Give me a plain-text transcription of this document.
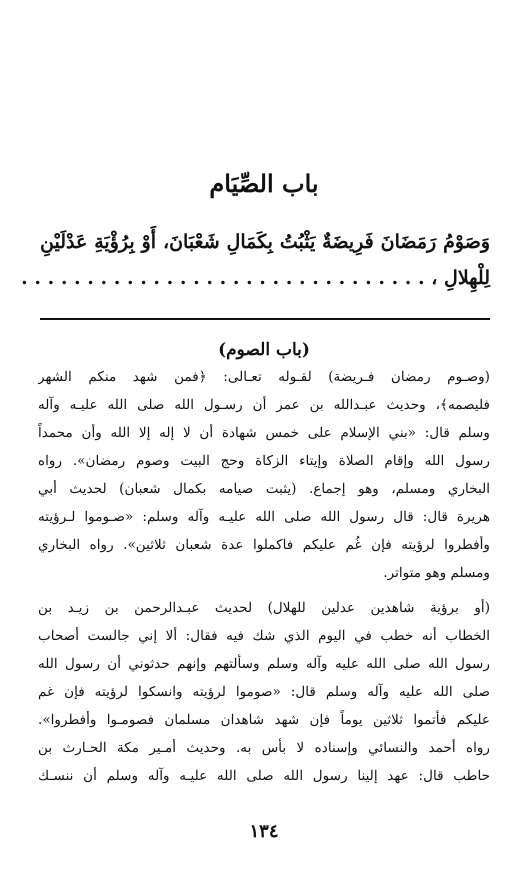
باب الصِّيَام
وَصَوْمُ رَمَضَانَ فَرِيضَةٌ يَثْبُتُ بِكَمَالِ شَعْبَانَ، أَوْ بِرُؤْيَةِ عَدْلَيْنِ
لِلْهِلالِ ، . . . . . . . . . . . . . . . . . . . . . . . . . . . . . . .
(باب الصوم)
(وصـوم رمضان فـريضة) لقـوله تعـالى: ﴿فمن شهد منكم الشهر
فليصمه﴾، وحديث عبـدالله بن عمر أن رسـول الله صلى الله عليـه وآله
وسلم قال: «بني الإسلام على خمس شهادة أن لا إله إلا الله وأن محمداً
رسول الله وإقام الصلاة وإيتاء الزكاة وحج البيت وصوم رمضان». رواه
البخاري ومسلم، وهو إجماع. (يثبت صيامه بكمال شعبان) لحديث أبي
هريرة قال: قال رسول الله صلى الله عليـه وآله وسلم: «صـوموا لـرؤيته
وأفطروا لرؤيته فإن غُم عليكم فاكملوا عدة شعبان ثلاثين». رواه البخاري
ومسلم وهو متواتر.
(أو برؤية شاهدين عدلين للهلال) لحديث عبـدالرحمن بن زيـد بن
الخطاب أنه خطب في اليوم الذي شك فيه فقال: ألا إني جالست أصحاب
رسول الله صلى الله عليه وآله وسلم وسألتهم وإنهم حدثوني أن رسول الله
صلى الله عليه وآله وسلم قال: «صوموا لرؤيته وانسكوا لرؤيته فإن غم
عليكم فأتموا ثلاثين يوماً فإن شهد شاهدان مسلمان فصومـوا وأفطروا».
رواه أحمد والنسائي وإسناده لا بأس به. وحديث أمـير مكة الحـارث بن
حاطب قال: عهد إلينا رسول الله صلى الله عليـه وآله وسلم أن ننسـك
١٣٤
